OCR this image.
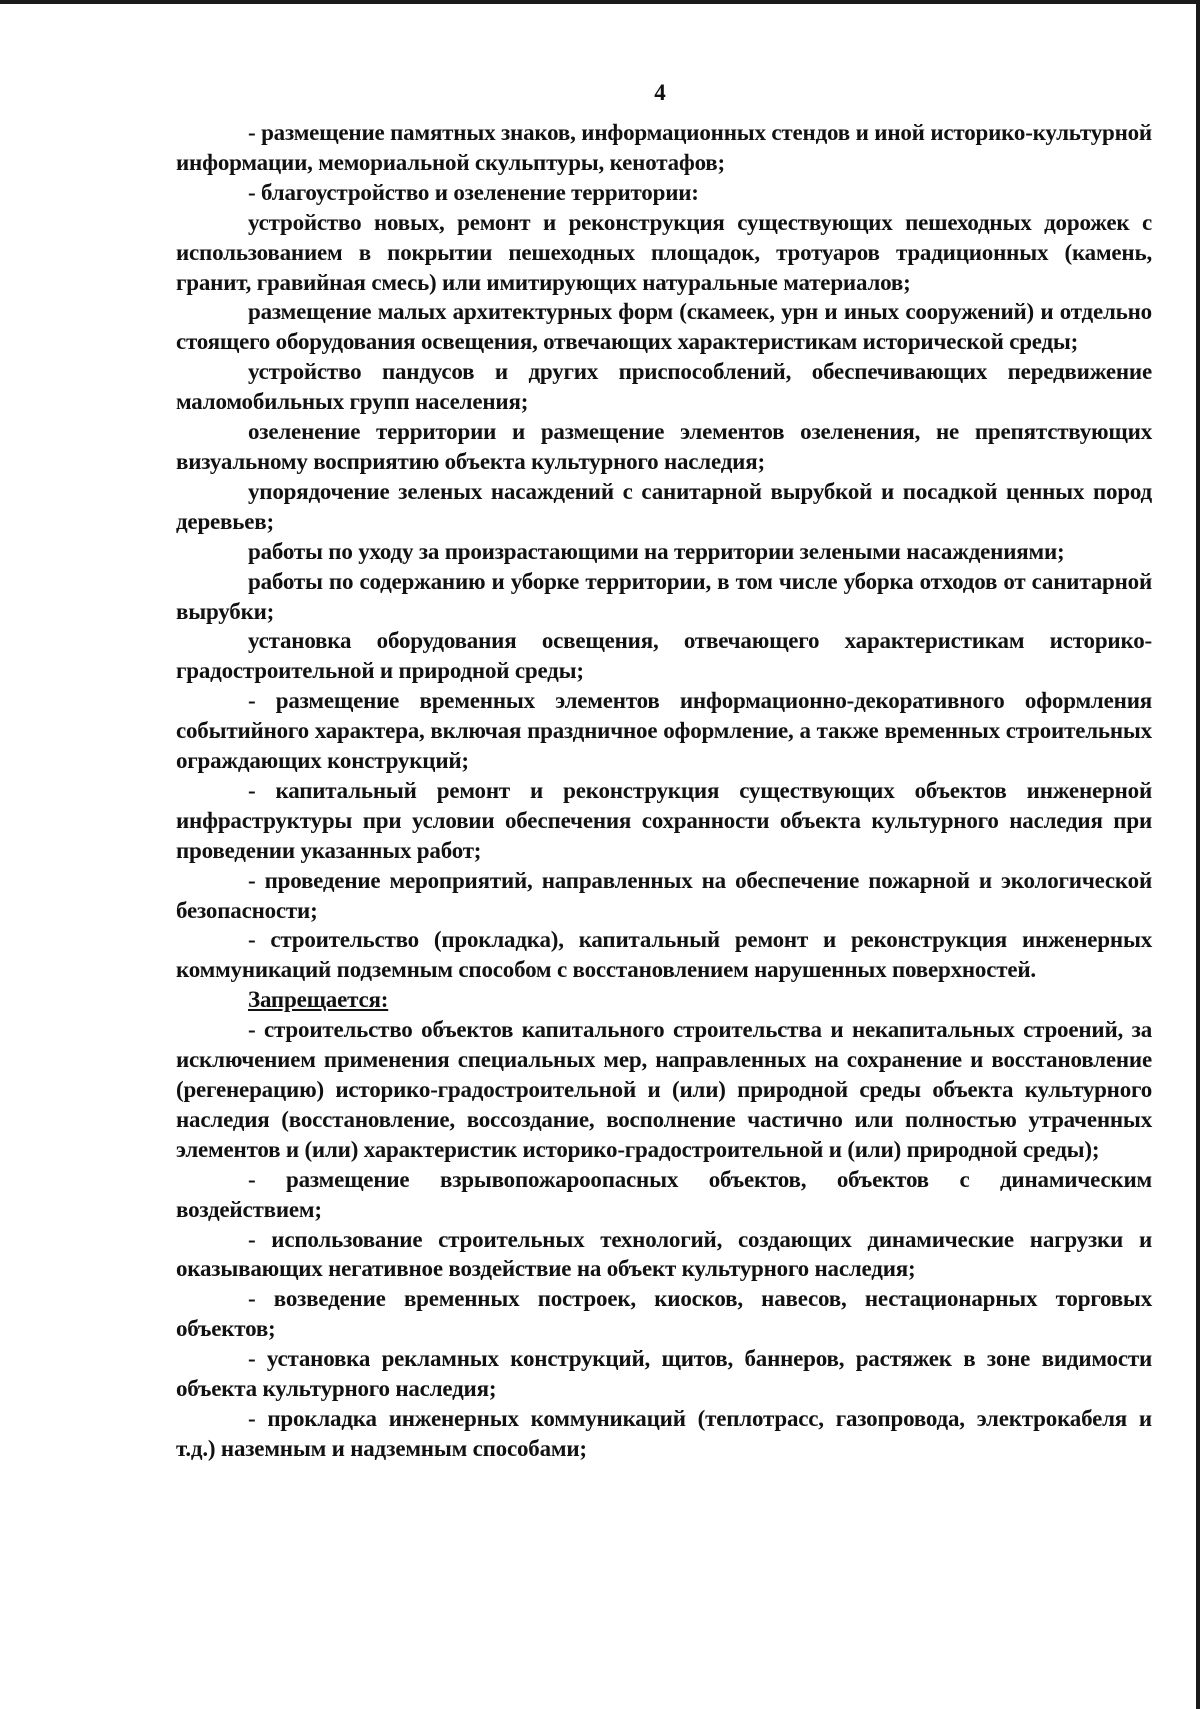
4

- размещение памятных знаков, информационных стендов и иной историко-культурной информации, мемориальной скульптуры, кенотафов;

- благоустройство и озеленение территории:

устройство новых, ремонт и реконструкция существующих пешеходных дорожек с использованием в покрытии пешеходных площадок, тротуаров традиционных (камень, гранит, гравийная смесь) или имитирующих натуральные материалов;

размещение малых архитектурных форм (скамеек, урн и иных сооружений) и отдельно стоящего оборудования освещения, отвечающих характеристикам исторической среды;

устройство пандусов и других приспособлений, обеспечивающих передвижение маломобильных групп населения;

озеленение территории и размещение элементов озеленения, не препятствующих визуальному восприятию объекта культурного наследия;

упорядочение зеленых насаждений с санитарной вырубкой и посадкой ценных пород деревьев;

работы по уходу за произрастающими на территории зелеными насаждениями;

работы по содержанию и уборке территории, в том числе уборка отходов от санитарной вырубки;

установка оборудования освещения, отвечающего характеристикам историко-градостроительной и природной среды;

- размещение временных элементов информационно-декоративного оформления событийного характера, включая праздничное оформление, а также временных строительных ограждающих конструкций;

- капитальный ремонт и реконструкция существующих объектов инженерной инфраструктуры при условии обеспечения сохранности объекта культурного наследия при проведении указанных работ;

- проведение мероприятий, направленных на обеспечение пожарной и экологической безопасности;

- строительство (прокладка), капитальный ремонт и реконструкция инженерных коммуникаций подземным способом с восстановлением нарушенных поверхностей.

Запрещается:

- строительство объектов капитального строительства и некапитальных строений, за исключением применения специальных мер, направленных на сохранение и восстановление (регенерацию) историко-градостроительной и (или) природной среды объекта культурного наследия (восстановление, воссоздание, восполнение частично или полностью утраченных элементов и (или) характеристик историко-градостроительной и (или) природной среды);

- размещение взрывопожароопасных объектов, объектов с динамическим воздействием;

- использование строительных технологий, создающих динамические нагрузки и оказывающих негативное воздействие на объект культурного наследия;

- возведение временных построек, киосков, навесов, нестационарных торговых объектов;

- установка рекламных конструкций, щитов, баннеров, растяжек в зоне видимости объекта культурного наследия;

- прокладка инженерных коммуникаций (теплотрасс, газопровода, электрокабеля и т.д.) наземным и надземным способами;
